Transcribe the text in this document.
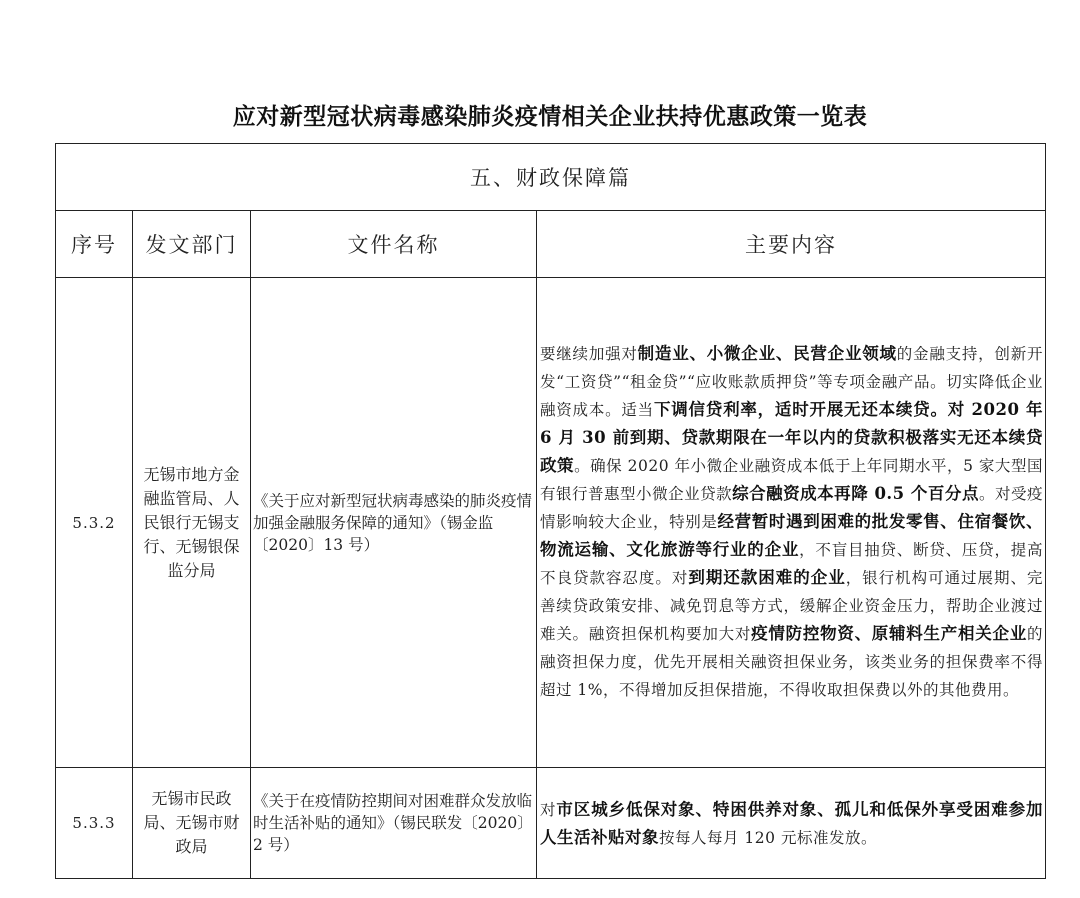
应对新型冠状病毒感染肺炎疫情相关企业扶持优惠政策一览表
五、财政保障篇			
序号	发文部门	文件名称	主要内容
5.3.2	无锡市地方金融监管局、人民银行无锡支行、无锡银保监分局	《关于应对新型冠状病毒感染的肺炎疫情加强金融服务保障的通知》（锡金监〔2020〕13 号）	要继续加强对制造业、小微企业、民营企业领域的金融支持，创新开发“工资贷”“租金贷”“应收账款质押贷”等专项金融产品。切实降低企业融资成本。适当下调信贷利率，适时开展无还本续贷。对 2020 年 6 月 30 前到期、贷款期限在一年以内的贷款积极落实无还本续贷政策。确保 2020 年小微企业融资成本低于上年同期水平，5 家大型国有银行普惠型小微企业贷款综合融资成本再降 0.5 个百分点。对受疫情影响较大企业，特别是经营暂时遇到困难的批发零售、住宿餐饮、物流运输、文化旅游等行业的企业，不盲目抽贷、断贷、压贷，提高不良贷款容忍度。对到期还款困难的企业，银行机构可通过展期、完善续贷政策安排、减免罚息等方式，缓解企业资金压力，帮助企业渡过难关。融资担保机构要加大对疫情防控物资、原辅料生产相关企业的融资担保力度，优先开展相关融资担保业务，该类业务的担保费率不得超过 1%，不得增加反担保措施，不得收取担保费以外的其他费用。
5.3.3	无锡市民政局、无锡市财政局	《关于在疫情防控期间对困难群众发放临时生活补贴的通知》（锡民联发〔2020〕2 号）	对市区城乡低保对象、特困供养对象、孤儿和低保外享受困难参加人生活补贴对象按每人每月 120 元标准发放。
